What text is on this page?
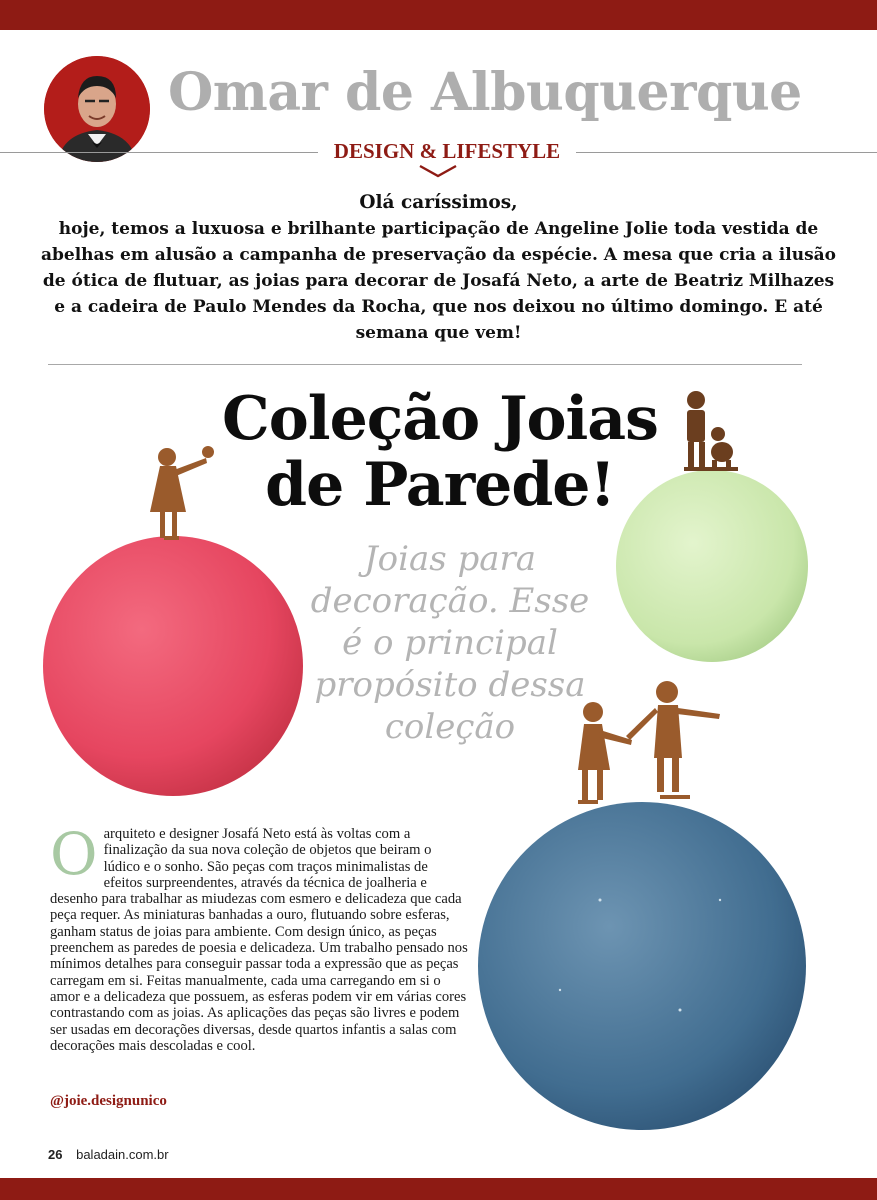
Omar de Albuquerque
DESIGN & LIFESTYLE
Olá caríssimos,
hoje, temos a luxuosa e brilhante participação de Angeline Jolie toda vestida de abelhas em alusão a campanha de preservação da espécie. A mesa que cria a ilusão de ótica de flutuar, as joias para decorar de Josafá Neto, a arte de Beatriz Milhazes e a cadeira de Paulo Mendes da Rocha, que nos deixou no último domingo. E até semana que vem!
Coleção Joias
de Parede!
Joias para decoração. Esse é o principal propósito dessa coleção
O arquiteto e designer Josafá Neto está às voltas com a finalização da sua nova coleção de objetos que beiram o lúdico e o sonho. São peças com traços minimalistas de efeitos surpreendentes, através da técnica de joalheria e desenho para trabalhar as miudezas com esmero e delicadeza que cada peça requer. As miniaturas banhadas a ouro, flutuando sobre esferas, ganham status de joias para ambiente. Com design único, as peças preenchem as paredes de poesia e delicadeza. Um trabalho pensado nos mínimos detalhes para conseguir passar toda a expressão que as peças carregam em si. Feitas manualmente, cada uma carregando em si o amor e a delicadeza que possuem, as esferas podem vir em várias cores contrastando com as joias. As aplicações das peças são livres e podem ser usadas em decorações diversas, desde quartos infantis a salas com decorações mais descoladas e cool.
@joie.designunico
26 baladain.com.br
